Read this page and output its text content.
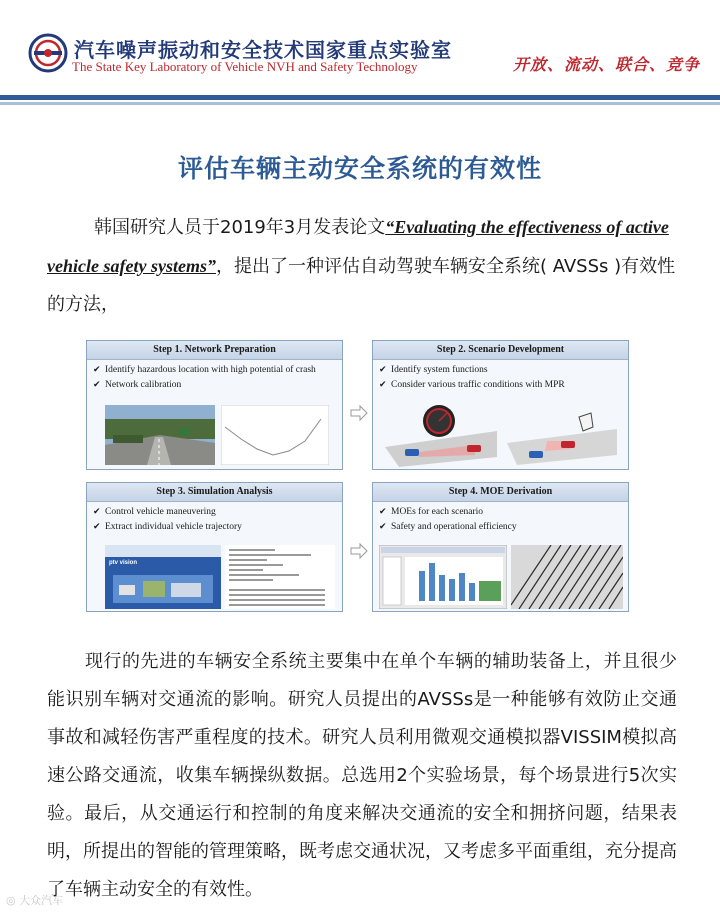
汽车噪声振动和安全技术国家重点实验室
The State Key Laboratory of Vehicle NVH and Safety Technology	开放、流动、联合、竞争
评估车辆主动安全系统的有效性
韩国研究人员于2019年3月发表论文“Evaluating the effectiveness of active vehicle safety systems”，提出了一种评估自动驾驶车辆安全系统( AVSSs )有效性的方法，
Step 1. Network Preparation
✔ Identify hazardous location with high potential of crash
✔ Network calibration
Step 2. Scenario Development
✔ Identify system functions
✔ Consider various traffic conditions with MPR
Step 3. Simulation Analysis
✔ Control vehicle maneuvering
✔ Extract individual vehicle trajectory
ptv vision
Step 4. MOE Derivation
✔ MOEs for each scenario
✔ Safety and operational efficiency
现行的先进的车辆安全系统主要集中在单个车辆的辅助装备上，并且很少能识别车辆对交通流的影响。研究人员提出的AVSSs是一种能够有效防止交通事故和减轻伤害严重程度的技术。研究人员利用微观交通模拟器VISSIM模拟高速公路交通流，收集车辆操纵数据。总选用2个实验场景，每个场景进行5次实验。最后，从交通运行和控制的角度来解决交通流的安全和拥挤问题，结果表明，所提出的智能的管理策略，既考虑交通状况，又考虑多平面重组，充分提高了车辆主动安全的有效性。
◎ 大众汽车
